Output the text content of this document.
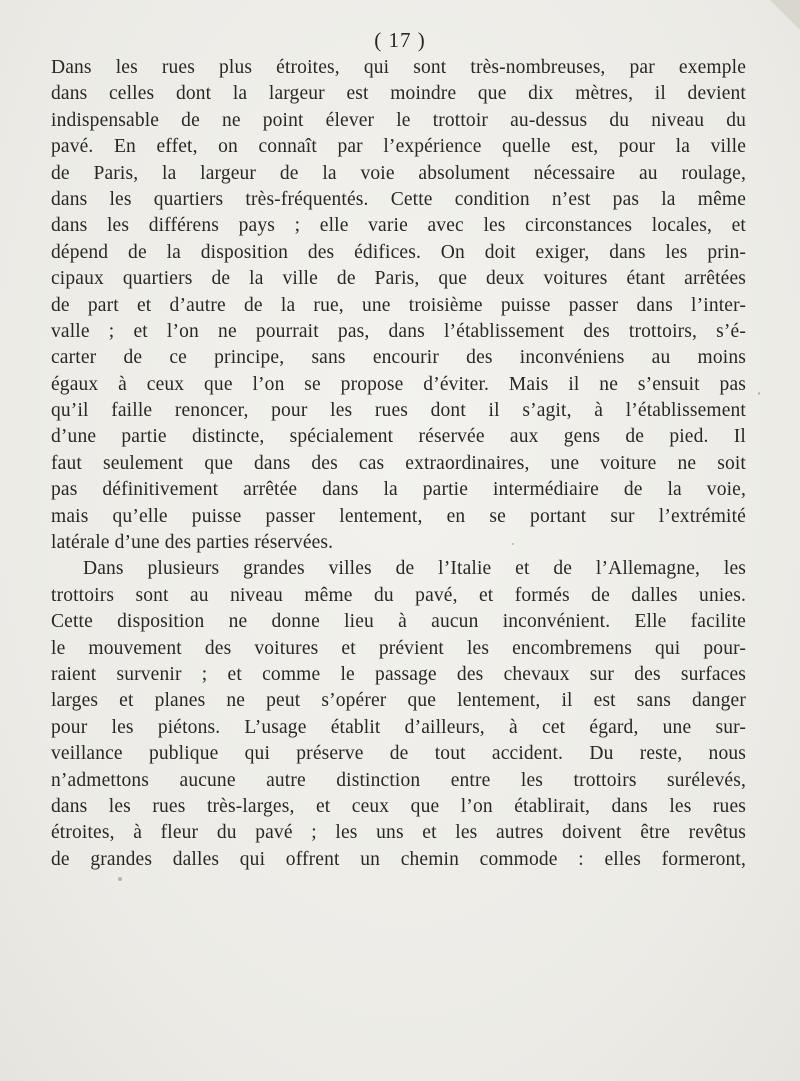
( 17 )
Dans les rues plus étroites, qui sont très-nombreuses, par exemple
dans celles dont la largeur est moindre que dix mètres, il devient
indispensable de ne point élever le trottoir au-dessus du niveau du
pavé. En effet, on connaît par l’expérience quelle est, pour la ville
de Paris, la largeur de la voie absolument nécessaire au roulage,
dans les quartiers très-fréquentés. Cette condition n’est pas la même
dans les différens pays ; elle varie avec les circonstances locales, et
dépend de la disposition des édifices. On doit exiger, dans les prin-
cipaux quartiers de la ville de Paris, que deux voitures étant arrêtées
de part et d’autre de la rue, une troisième puisse passer dans l’inter-
valle ; et l’on ne pourrait pas, dans l’établissement des trottoirs, s’é-
carter de ce principe, sans encourir des inconvéniens au moins
égaux à ceux que l’on se propose d’éviter. Mais il ne s’ensuit pas
qu’il faille renoncer, pour les rues dont il s’agit, à l’établissement
d’une partie distincte, spécialement réservée aux gens de pied. Il
faut seulement que dans des cas extraordinaires, une voiture ne soit
pas définitivement arrêtée dans la partie intermédiaire de la voie,
mais qu’elle puisse passer lentement, en se portant sur l’extrémité
latérale d’une des parties réservées.
Dans plusieurs grandes villes de l’Italie et de l’Allemagne, les
trottoirs sont au niveau même du pavé, et formés de dalles unies.
Cette disposition ne donne lieu à aucun inconvénient. Elle facilite
le mouvement des voitures et prévient les encombremens qui pour-
raient survenir ; et comme le passage des chevaux sur des surfaces
larges et planes ne peut s’opérer que lentement, il est sans danger
pour les piétons. L’usage établit d’ailleurs, à cet égard, une sur-
veillance publique qui préserve de tout accident. Du reste, nous
n’admettons aucune autre distinction entre les trottoirs surélevés,
dans les rues très-larges, et ceux que l’on établirait, dans les rues
étroites, à fleur du pavé ; les uns et les autres doivent être revêtus
de grandes dalles qui offrent un chemin commode : elles formeront,
